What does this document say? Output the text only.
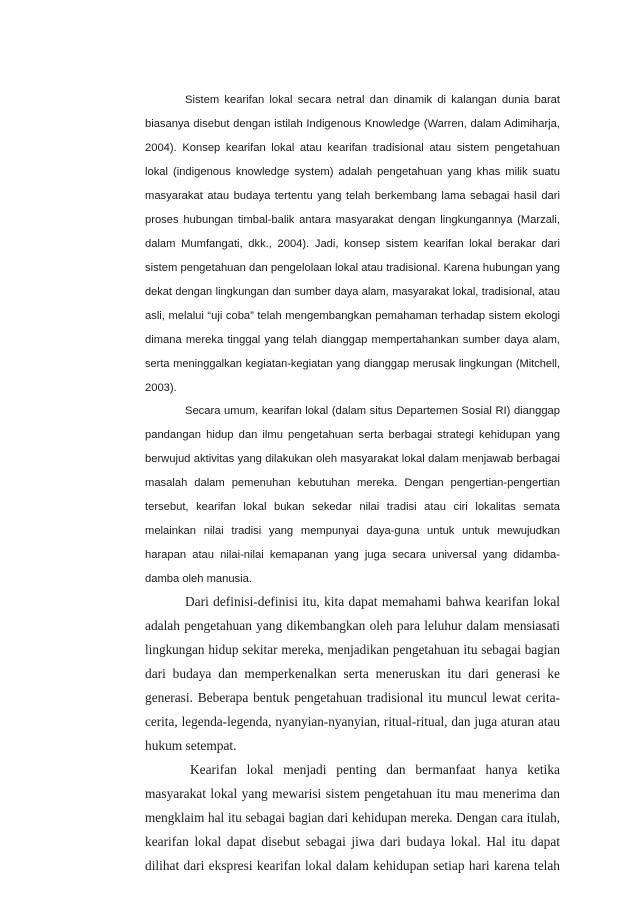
Sistem kearifan lokal secara netral dan dinamik di kalangan dunia barat
biasanya disebut dengan istilah Indigenous Knowledge (Warren, dalam Adimiharja,
2004). Konsep kearifan lokal atau kearifan tradisional atau sistem pengetahuan
lokal (indigenous knowledge system) adalah pengetahuan yang khas milik suatu
masyarakat atau budaya tertentu yang telah berkembang lama sebagai hasil dari
proses hubungan timbal-balik antara masyarakat dengan lingkungannya (Marzali,
dalam Mumfangati, dkk., 2004). Jadi, konsep sistem kearifan lokal berakar dari
sistem pengetahuan dan pengelolaan lokal atau tradisional. Karena hubungan yang
dekat dengan lingkungan dan sumber daya alam, masyarakat lokal, tradisional, atau
asli, melalui “uji coba” telah mengembangkan pemahaman terhadap sistem ekologi
dimana mereka tinggal yang telah dianggap mempertahankan sumber daya alam,
serta meninggalkan kegiatan-kegiatan yang dianggap merusak lingkungan (Mitchell,
2003).
Secara umum, kearifan lokal (dalam situs Departemen Sosial RI) dianggap
pandangan hidup dan ilmu pengetahuan serta berbagai strategi kehidupan yang
berwujud aktivitas yang dilakukan oleh masyarakat lokal dalam menjawab berbagai
masalah dalam pemenuhan kebutuhan mereka. Dengan pengertian-pengertian
tersebut, kearifan lokal bukan sekedar nilai tradisi atau ciri lokalitas semata
melainkan nilai tradisi yang mempunyai daya-guna untuk untuk mewujudkan
harapan atau nilai-nilai kemapanan yang juga secara universal yang didamba-
damba oleh manusia.
Dari definisi-definisi itu, kita dapat memahami bahwa kearifan lokal
adalah pengetahuan yang dikembangkan oleh para leluhur dalam mensiasati
lingkungan hidup sekitar mereka, menjadikan pengetahuan itu sebagai bagian
dari budaya dan memperkenalkan serta meneruskan itu dari generasi ke
generasi. Beberapa bentuk pengetahuan tradisional itu muncul lewat cerita-
cerita, legenda-legenda, nyanyian-nyanyian, ritual-ritual, dan juga aturan atau
hukum setempat.
Kearifan lokal menjadi penting dan bermanfaat hanya ketika
masyarakat lokal yang mewarisi sistem pengetahuan itu mau menerima dan
mengklaim hal itu sebagai bagian dari kehidupan mereka. Dengan cara itulah,
kearifan lokal dapat disebut sebagai jiwa dari budaya lokal. Hal itu dapat
dilihat dari ekspresi kearifan lokal dalam kehidupan setiap hari karena telah
